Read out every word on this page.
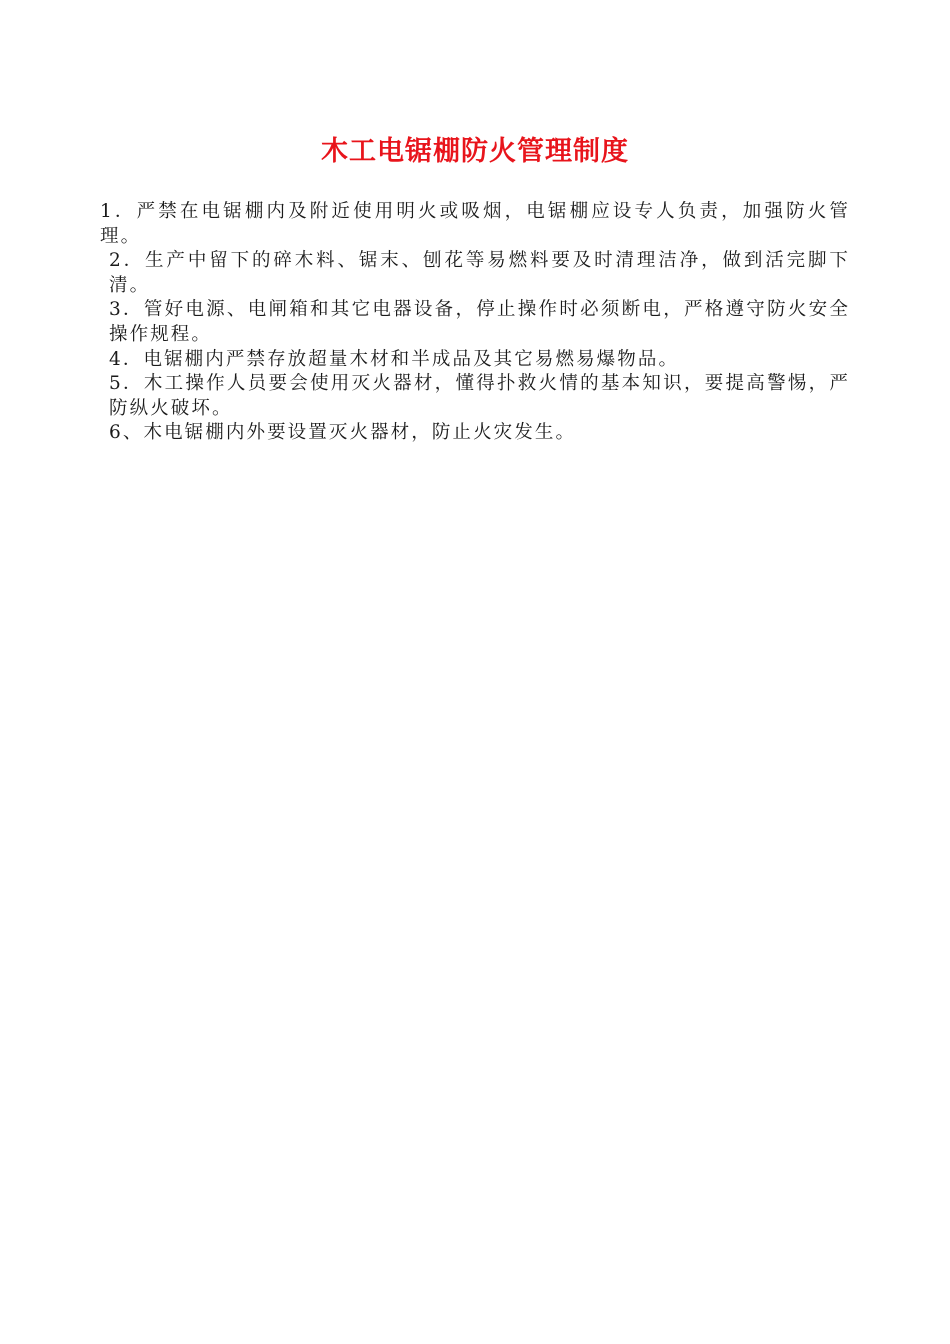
木工电锯棚防火管理制度

1．严禁在电锯棚内及附近使用明火或吸烟，电锯棚应设专人负责，加强防火管理。

2．生产中留下的碎木料、锯末、刨花等易燃料要及时清理洁净，做到活完脚下清。

3．管好电源、电闸箱和其它电器设备，停止操作时必须断电，严格遵守防火安全操作规程。

4．电锯棚内严禁存放超量木材和半成品及其它易燃易爆物品。

5．木工操作人员要会使用灭火器材，懂得扑救火情的基本知识，要提高警惕，严防纵火破坏。

6、木电锯棚内外要设置灭火器材，防止火灾发生。
